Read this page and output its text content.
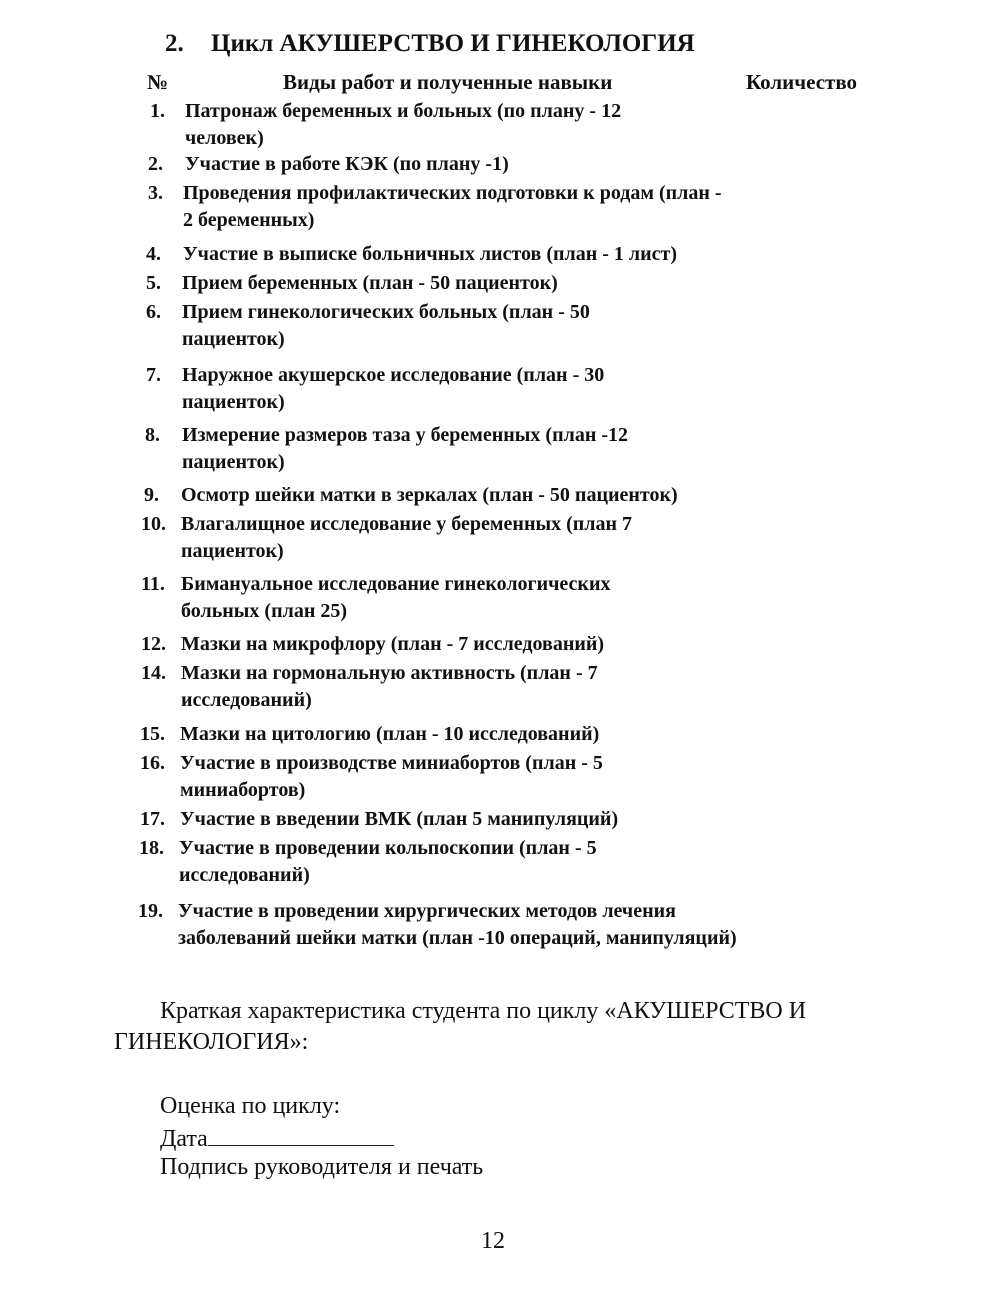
2. Цикл АКУШЕРСТВО И ГИНЕКОЛОГИЯ
№	Виды работ и полученные навыки	Количество
1. Патронаж беременных и больных (по плану - 12 человек)
2. Участие в работе КЭК (по плану -1)
3. Проведения профилактических подготовки к родам (план - 2 беременных)
4. Участие в выписке больничных листов (план - 1 лист)
5. Прием беременных (план - 50 пациенток)
6. Прием гинекологических больных (план - 50 пациенток)
7. Наружное акушерское исследование (план - 30 пациенток)
8. Измерение размеров таза у беременных (план -12 пациенток)
9. Осмотр шейки матки в зеркалах (план - 50 пациенток)
10. Влагалищное исследование у беременных (план 7 пациенток)
11. Бимануальное исследование гинекологических больных (план 25)
12. Мазки на микрофлору (план - 7 исследований)
14. Мазки на гормональную активность (план - 7 исследований)
15. Мазки на цитологию (план - 10 исследований)
16. Участие в производстве миниабортов (план - 5 миниабортов)
17. Участие в введении ВМК (план 5 манипуляций)
18. Участие в проведении кольпоскопии (план - 5 исследований)
19. Участие в проведении хирургических методов лечения заболеваний шейки матки (план -10 операций, манипуляций)
Краткая характеристика студента по циклу «АКУШЕРСТВО И
ГИНЕКОЛОГИЯ»:
Оценка по циклу:
Дата
Подпись руководителя и печать
12
